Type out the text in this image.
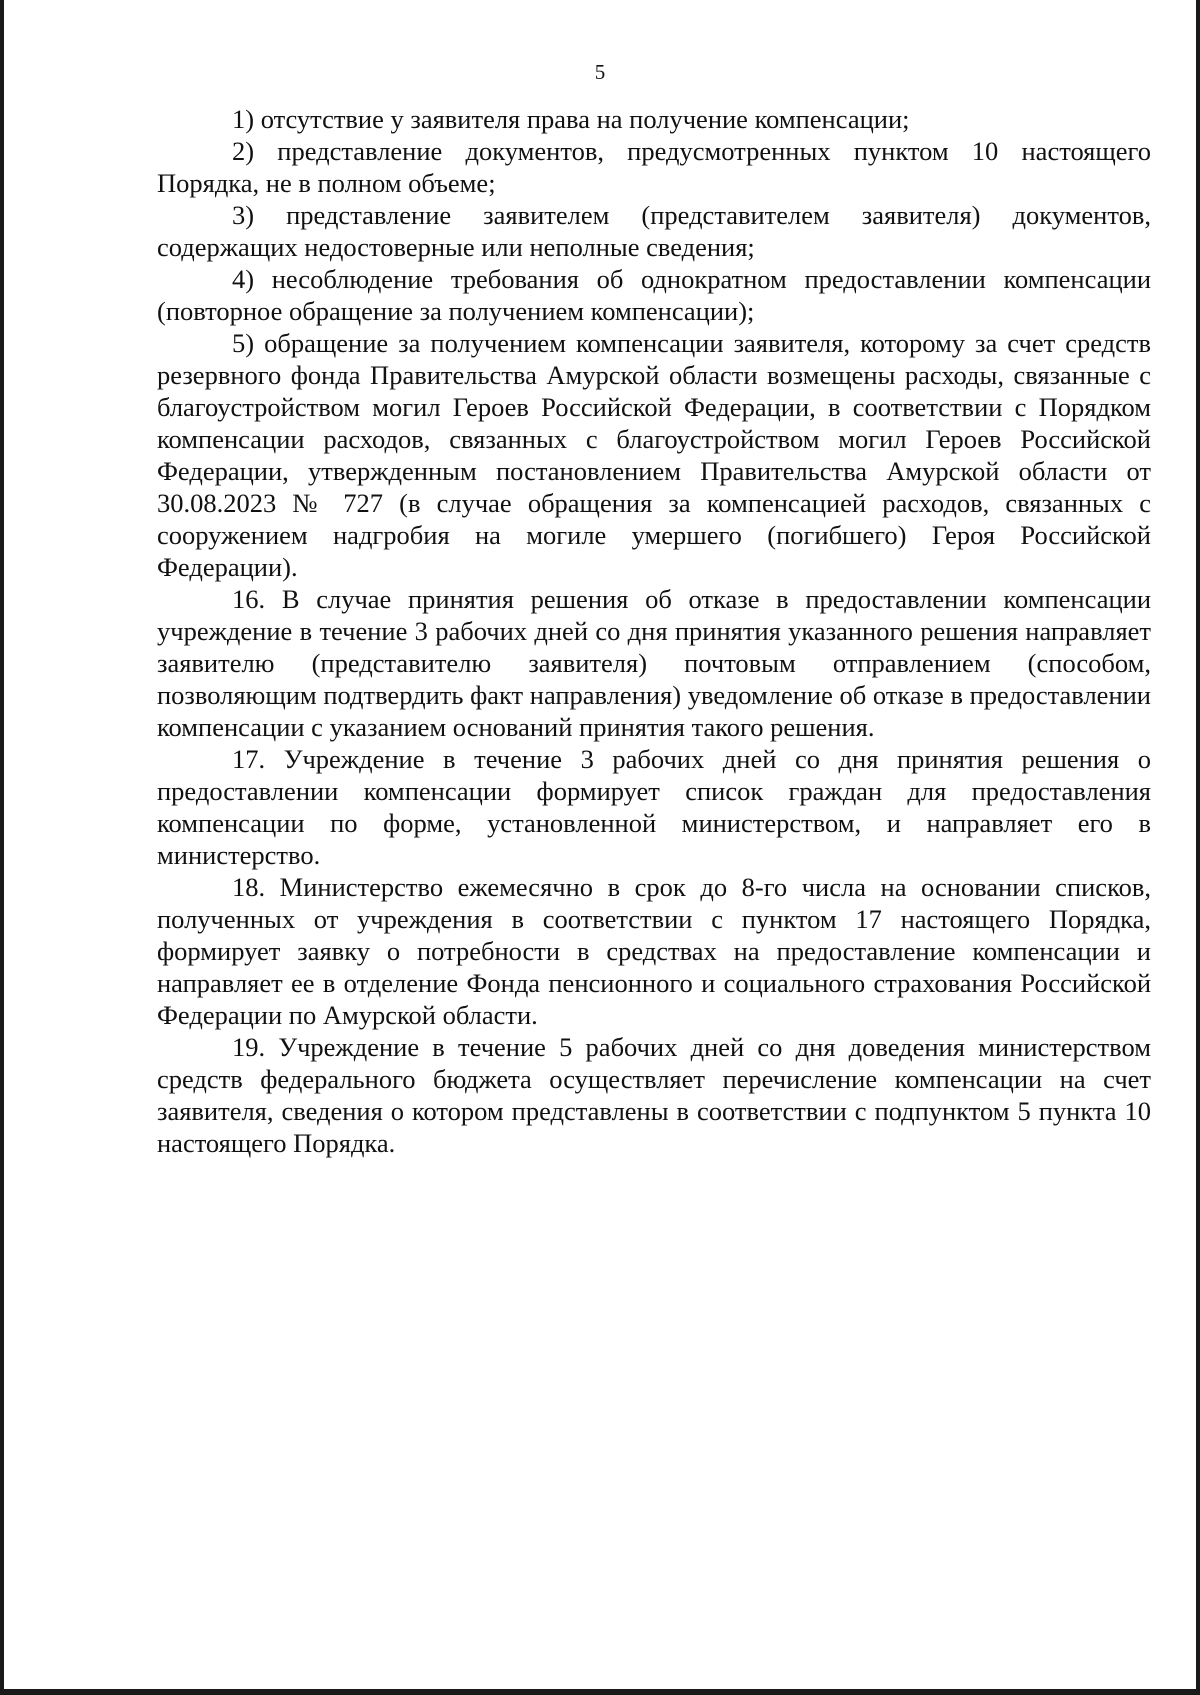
5

1) отсутствие у заявителя права на получение компенсации;

2) представление документов, предусмотренных пунктом 10 настоящего Порядка, не в полном объеме;

3) представление заявителем (представителем заявителя) документов, содержащих недостоверные или неполные сведения;

4) несоблюдение требования об однократном предоставлении компенсации (повторное обращение за получением компенсации);

5) обращение за получением компенсации заявителя, которому за счет средств резервного фонда Правительства Амурской области возмещены расходы, связанные с благоустройством могил Героев Российской Федерации, в соответствии с Порядком компенсации расходов, связанных с благоустройством могил Героев Российской Федерации, утвержденным постановлением Правительства Амурской области от 30.08.2023 № 727 (в случае обращения за компенсацией расходов, связанных с сооружением надгробия на могиле умершего (погибшего) Героя Российской Федерации).

16. В случае принятия решения об отказе в предоставлении компенсации учреждение в течение 3 рабочих дней со дня принятия указанного решения направляет заявителю (представителю заявителя) почтовым отправлением (способом, позволяющим подтвердить факт направления) уведомление об отказе в предоставлении компенсации с указанием оснований принятия такого решения.

17. Учреждение в течение 3 рабочих дней со дня принятия решения о предоставлении компенсации формирует список граждан для предоставления компенсации по форме, установленной министерством, и направляет его в министерство.

18. Министерство ежемесячно в срок до 8-го числа на основании списков, полученных от учреждения в соответствии с пунктом 17 настоящего Порядка, формирует заявку о потребности в средствах на предоставление компенсации и направляет ее в отделение Фонда пенсионного и социального страхования Российской Федерации по Амурской области.

19. Учреждение в течение 5 рабочих дней со дня доведения министерством средств федерального бюджета осуществляет перечисление компенсации на счет заявителя, сведения о котором представлены в соответствии с подпунктом 5 пункта 10 настоящего Порядка.
